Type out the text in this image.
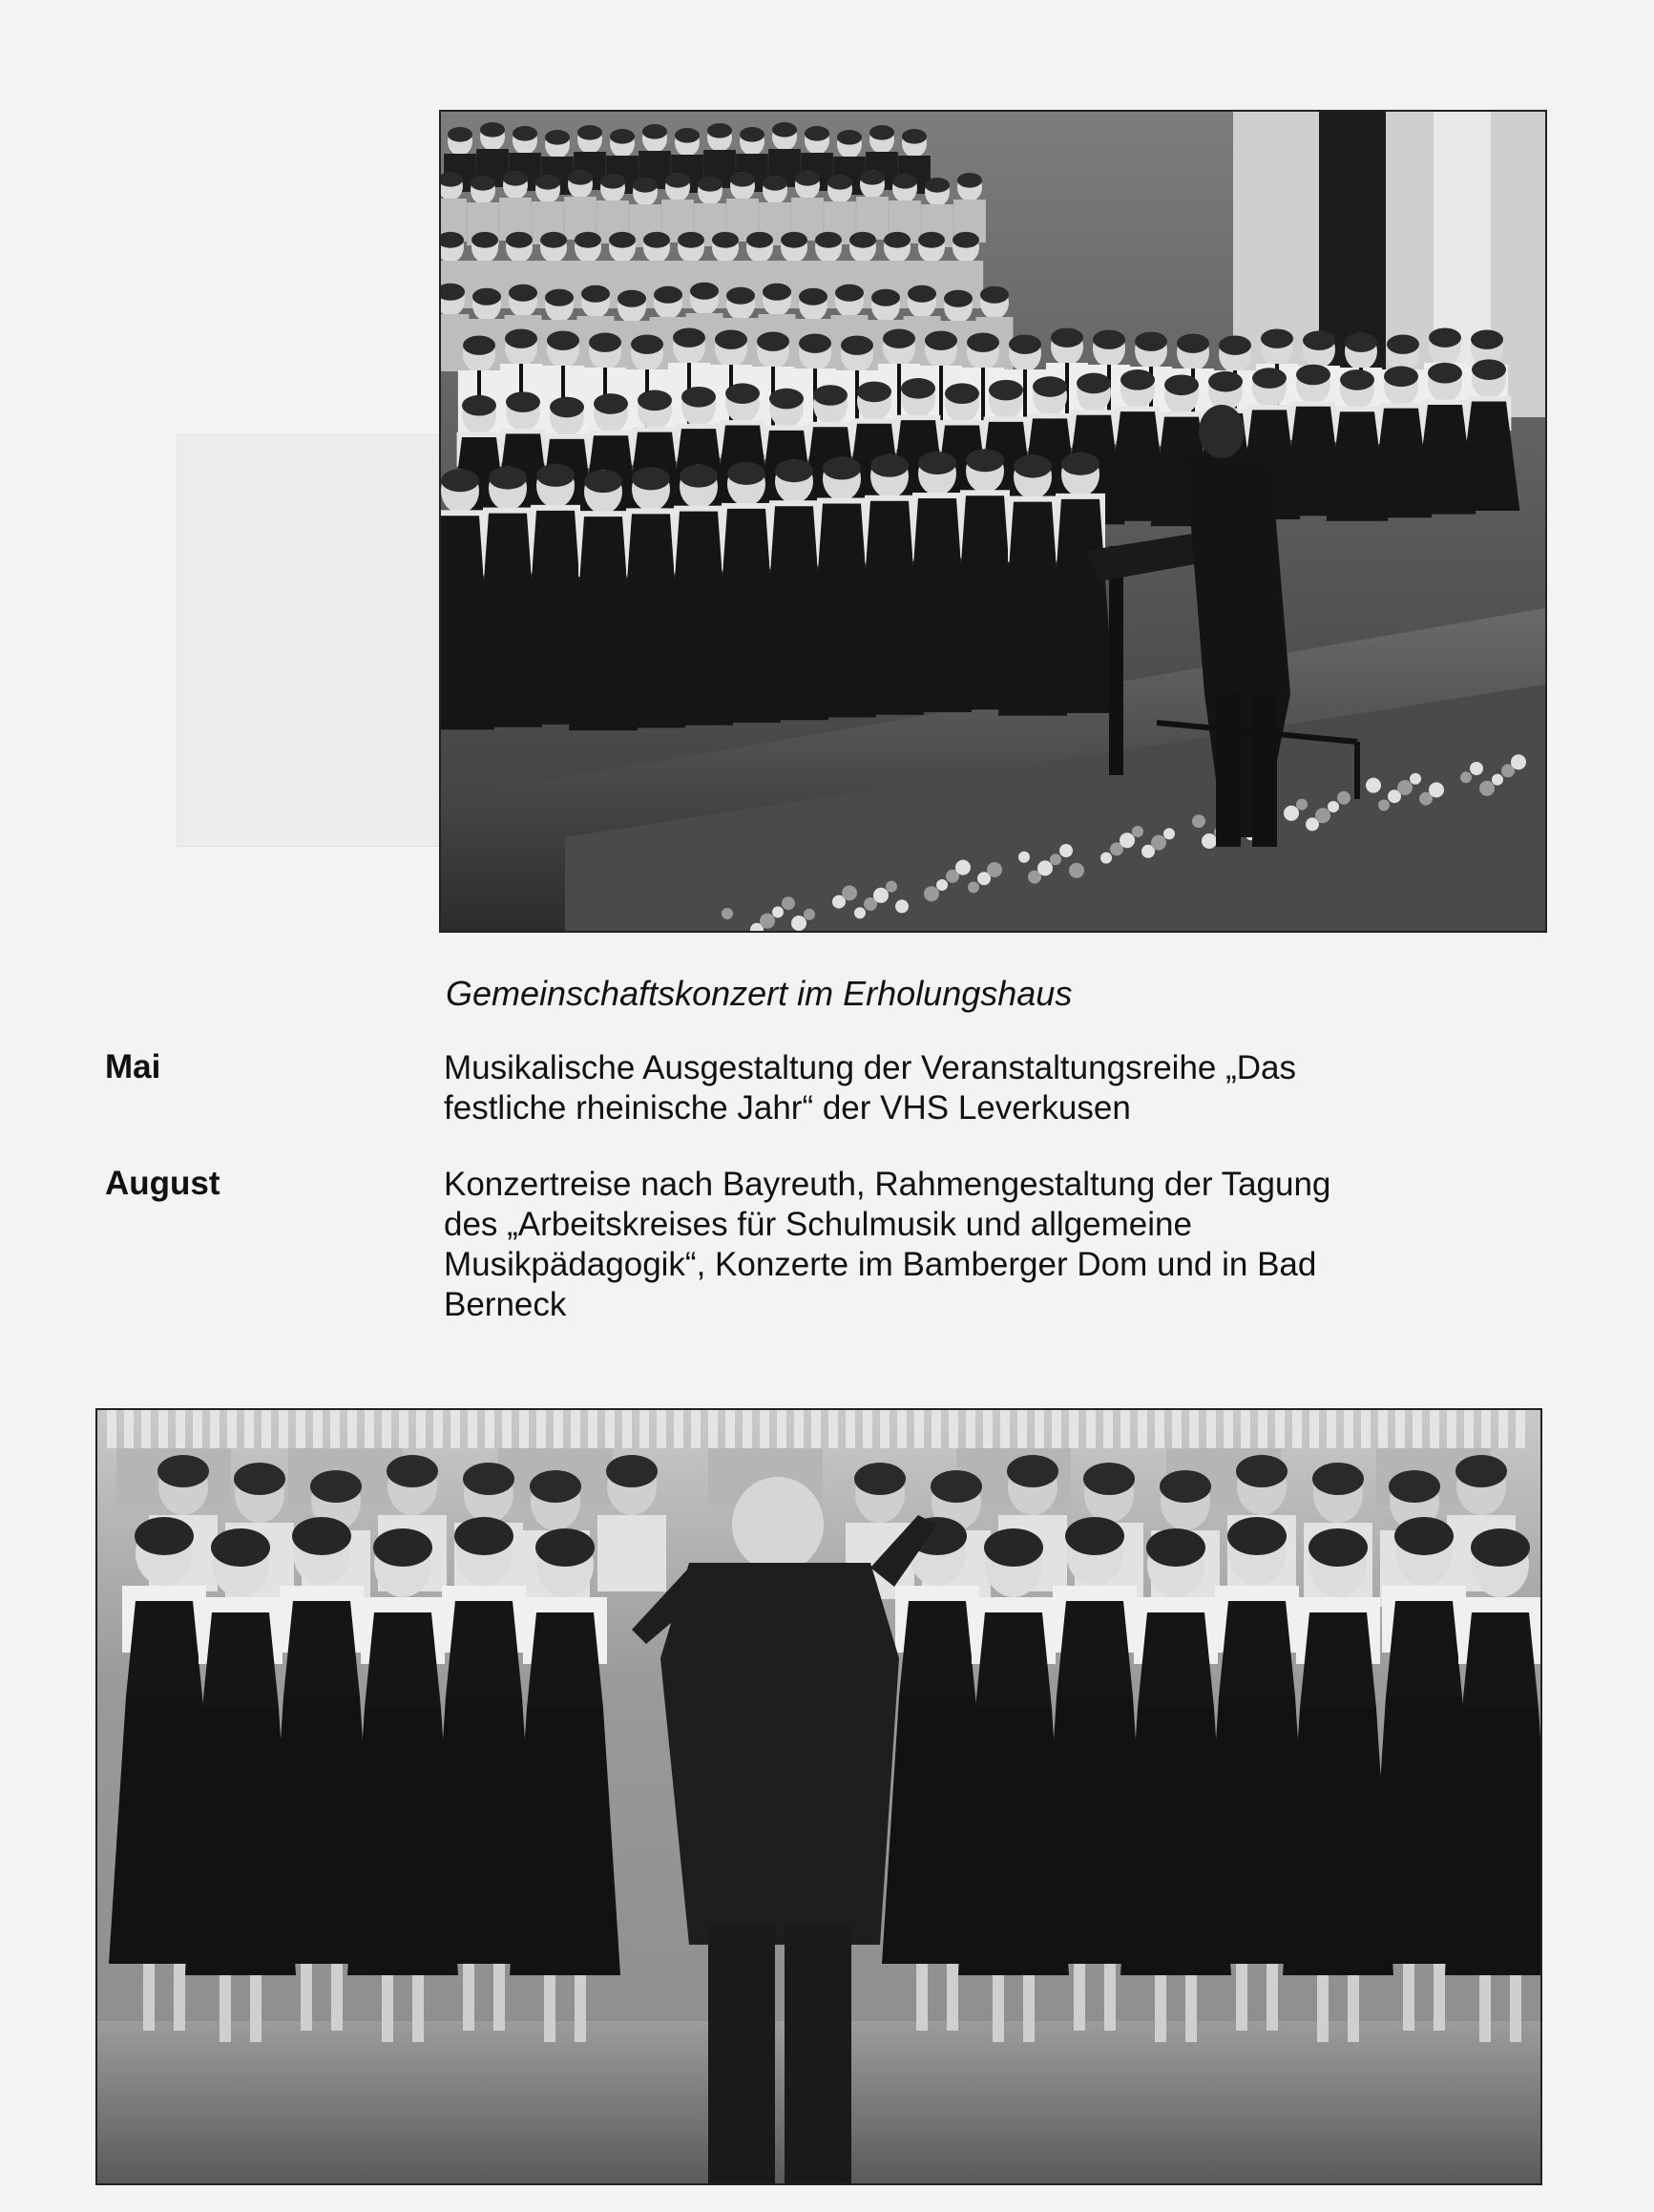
Gemeinschaftskonzert im Erholungshaus
Mai	Musikalische Ausgestaltung der Veranstaltungsreihe „Das
festliche rheinische Jahr“ der VHS Leverkusen
August	Konzertreise nach Bayreuth, Rahmengestaltung der Tagung
des „Arbeitskreises für Schulmusik und allgemeine
Musikpädagogik“, Konzerte im Bamberger Dom und in Bad
Berneck
